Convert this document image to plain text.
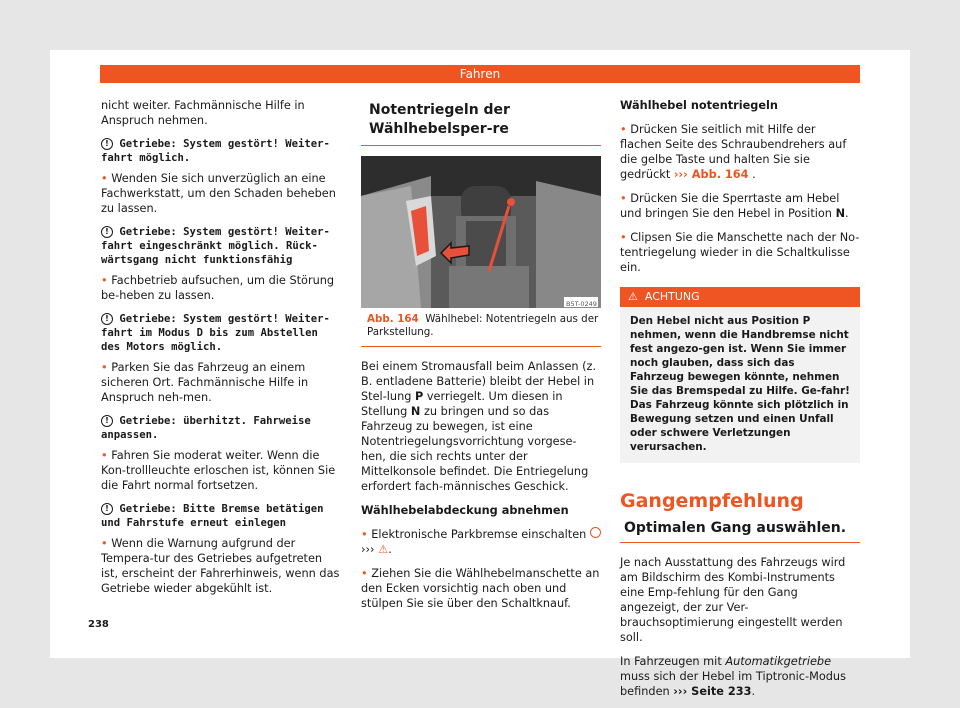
Fahren

nicht weiter. Fachmännische Hilfe in Anspruch nehmen.

! Getriebe: System gestört! Weiter-fahrt möglich.

• Wenden Sie sich unverzüglich an eine Fachwerkstatt, um den Schaden beheben zu lassen.

! Getriebe: System gestört! Weiter-fahrt eingeschränkt möglich. Rück-wärtsgang nicht funktionsfähig

• Fachbetrieb aufsuchen, um die Störung be-heben zu lassen.

! Getriebe: System gestört! Weiter-fahrt im Modus D bis zum Abstellen des Motors möglich.

• Parken Sie das Fahrzeug an einem sicheren Ort. Fachmännische Hilfe in Anspruch neh-men.

! Getriebe: überhitzt. Fahrweise anpassen.

• Fahren Sie moderat weiter. Wenn die Kon-trollleuchte erloschen ist, können Sie die Fahrt normal fortsetzen.

! Getriebe: Bitte Bremse betätigen und Fahrstufe erneut einlegen

• Wenn die Warnung aufgrund der Tempera-tur des Getriebes aufgetreten ist, erscheint der Fahrerhinweis, wenn das Getriebe wieder abgekühlt ist.

Notentriegeln der Wählhebelsper-re
B5T-0249
Abb. 164 Wählhebel: Notentriegeln aus der Parkstellung.

Bei einem Stromausfall beim Anlassen (z. B. entladene Batterie) bleibt der Hebel in Stel-lung P verriegelt. Um diesen in Stellung N zu bringen und so das Fahrzeug zu bewegen, ist eine Notentriegelungsvorrichtung vorgese-hen, die sich rechts unter der Mittelkonsole befindet. Die Entriegelung erfordert fach-männisches Geschick.

Wählhebelabdeckung abnehmen

• Elektronische Parkbremse einschalten
››› ⚠.

• Ziehen Sie die Wählhebelmanschette an den Ecken vorsichtig nach oben und stülpen Sie sie über den Schaltknauf.

Wählhebel notentriegeln

• Drücken Sie seitlich mit Hilfe der flachen Seite des Schraubendrehers auf die gelbe Taste und halten Sie sie gedrückt ››› Abb. 164 .

• Drücken Sie die Sperrtaste am Hebel und bringen Sie den Hebel in Position N.

• Clipsen Sie die Manschette nach der No-tentriegelung wieder in die Schaltkulisse ein.

⚠ ACHTUNG
Den Hebel nicht aus Position P nehmen, wenn die Handbremse nicht fest angezo-gen ist. Wenn Sie immer noch glauben, dass sich das Fahrzeug bewegen könnte, nehmen Sie das Bremspedal zu Hilfe. Ge-fahr! Das Fahrzeug könnte sich plötzlich in Bewegung setzen und einen Unfall oder schwere Verletzungen verursachen.
Gangempfehlung
Optimalen Gang auswählen.

Je nach Ausstattung des Fahrzeugs wird am Bildschirm des Kombi-Instruments eine Emp-fehlung für den Gang angezeigt, der zur Ver-brauchsoptimierung eingestellt werden soll.

In Fahrzeugen mit Automatikgetriebe muss sich der Hebel im Tiptronic-Modus befinden ››› Seite 233.

238
